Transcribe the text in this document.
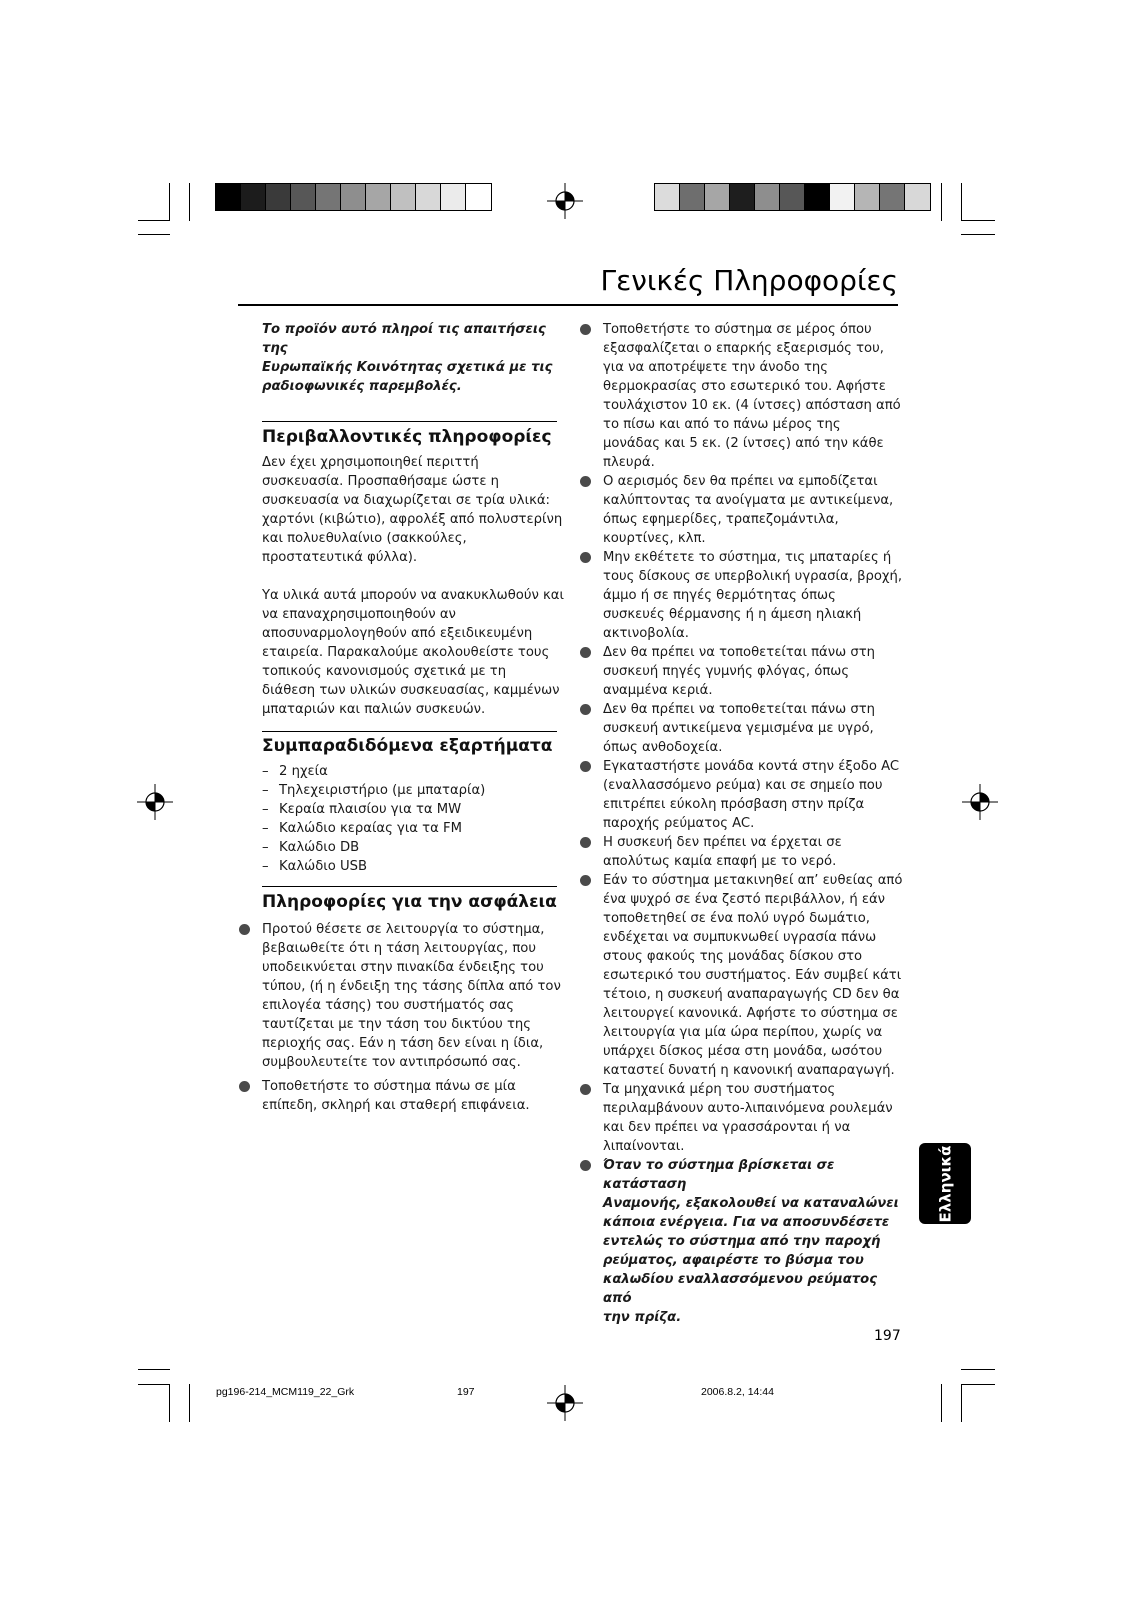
Γενικές Πληροφορίες

Το προϊόν αυτό πληροί τις απαιτήσεις της
Ευρωπαϊκής Κοινότητας σχετικά με τις
ραδιοφωνικές παρεμβολές.

Περιβαλλοντικές πληροφορίες

Δεν έχει χρησιμοποιηθεί περιττή
συσκευασία. Προσπαθήσαμε ώστε η
συσκευασία να διαχωρίζεται σε τρία υλικά:
χαρτόνι (κιβώτιο), αφρολέξ από πολυστερίνη
και πολυεθυλαίνιο (σακκούλες,
προστατευτικά φύλλα).

Υα υλικά αυτά μπορούν να ανακυκλωθούν και
να επαναχρησιμοποιηθούν αν
αποσυναρμολογηθούν από εξειδικευμένη
εταιρεία. Παρακαλούμε ακολουθείστε τους
τοπικούς κανονισμούς σχετικά με τη
διάθεση των υλικών συσκευασίας, καμμένων
μπαταριών και παλιών συσκευών.

Συμπαραδιδόμενα εξαρτήματα
– 2 ηχεία
– Τηλεχειριστήριο (με μπαταρία)
– Κεραία πλαισίου για τα MW
– Καλώδιο κεραίας για τα FM
– Καλώδιο DB
– Καλώδιο USB
Πληροφορίες για την ασφάλεια
Προτού θέσετε σε λειτουργία το σύστημα,
βεβαιωθείτε ότι η τάση λειτουργίας, που
υποδεικνύεται στην πινακίδα ένδειξης του
τύπου, (ή η ένδειξη της τάσης δίπλα από τον
επιλογέα τάσης) του συστήματός σας
ταυτίζεται με την τάση του δικτύου της
περιοχής σας. Εάν η τάση δεν είναι η ίδια,
συμβουλευτείτε τον αντιπρόσωπό σας.
Τοποθετήστε το σύστημα πάνω σε μία
επίπεδη, σκληρή και σταθερή επιφάνεια.
Τοποθετήστε το σύστημα σε μέρος όπου
εξασφαλίζεται ο επαρκής εξαερισμός του,
για να αποτρέψετε την άνοδο της
θερμοκρασίας στο εσωτερικό του. Αφήστε
τουλάχιστον 10 εκ. (4 ίντσες) απόσταση από
το πίσω και από το πάνω μέρος της
μονάδας και 5 εκ. (2 ίντσες) από την κάθε
πλευρά.
Ο αερισμός δεν θα πρέπει να εμποδίζεται
καλύπτοντας τα ανοίγματα με αντικείμενα,
όπως εφημερίδες, τραπεζομάντιλα,
κουρτίνες, κλπ.
Μην εκθέτετε το σύστημα, τις μπαταρίες ή
τους δίσκους σε υπερβολική υγρασία, βροχή,
άμμο ή σε πηγές θερμότητας όπως
συσκευές θέρμανσης ή η άμεση ηλιακή
ακτινοβολία.
Δεν θα πρέπει να τοποθετείται πάνω στη
συσκευή πηγές γυμνής φλόγας, όπως
αναμμένα κεριά.
Δεν θα πρέπει να τοποθετείται πάνω στη
συσκευή αντικείμενα γεμισμένα με υγρό,
όπως ανθοδοχεία.
Εγκαταστήστε μονάδα κοντά στην έξοδο AC
(εναλλασσόμενο ρεύμα) και σε σημείο που
επιτρέπει εύκολη πρόσβαση στην πρίζα
παροχής ρεύματος AC.
Η συσκευή δεν πρέπει να έρχεται σε
απολύτως καμία επαφή με το νερό.
Εάν το σύστημα μετακινηθεί απ’ ευθείας από
ένα ψυχρό σε ένα ζεστό περιβάλλον, ή εάν
τοποθετηθεί σε ένα πολύ υγρό δωμάτιο,
ενδέχεται να συμπυκνωθεί υγρασία πάνω
στους φακούς της μονάδας δίσκου στο
εσωτερικό του συστήματος. Εάν συμβεί κάτι
τέτοιο, η συσκευή αναπαραγωγής CD δεν θα
λειτουργεί κανονικά. Αφήστε το σύστημα σε
λειτουργία για μία ώρα περίπου, χωρίς να
υπάρχει δίσκος μέσα στη μονάδα, ωσότου
καταστεί δυνατή η κανονική αναπαραγωγή.
Τα μηχανικά μέρη του συστήματος
περιλαμβάνουν αυτο-λιπαινόμενα ρουλεμάν
και δεν πρέπει να γρασσάρονται ή να
λιπαίνονται.
Όταν το σύστημα βρίσκεται σε κατάσταση
Αναμονής, εξακολουθεί να καταναλώνει
κάποια ενέργεια. Για να αποσυνδέσετε
εντελώς το σύστημα από την παροχή
ρεύματος, αφαιρέστε το βύσμα του
καλωδίου εναλλασσόμενου ρεύματος από
την πρίζα.
Ελληνικά
197
pg196-214_MCM119_22_Grk	197	2006.8.2, 14:44
